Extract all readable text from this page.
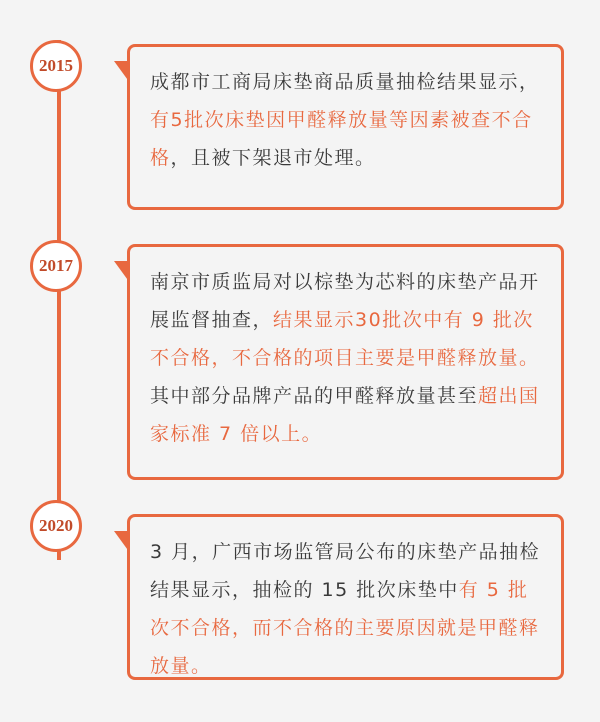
2015
成都市工商局床垫商品质量抽检结果显示，有5批次床垫因甲醛释放量等因素被查不合格，且被下架退市处理。
2017
南京市质监局对以棕垫为芯料的床垫产品开展监督抽查，结果显示30批次中有 9 批次不合格，不合格的项目主要是甲醛释放量。
其中部分品牌产品的甲醛释放量甚至超出国家标准 7 倍以上。
2020
3 月，广西市场监管局公布的床垫产品抽检结果显示，抽检的 15 批次床垫中有 5 批次不合格，而不合格的主要原因就是甲醛释放量。
